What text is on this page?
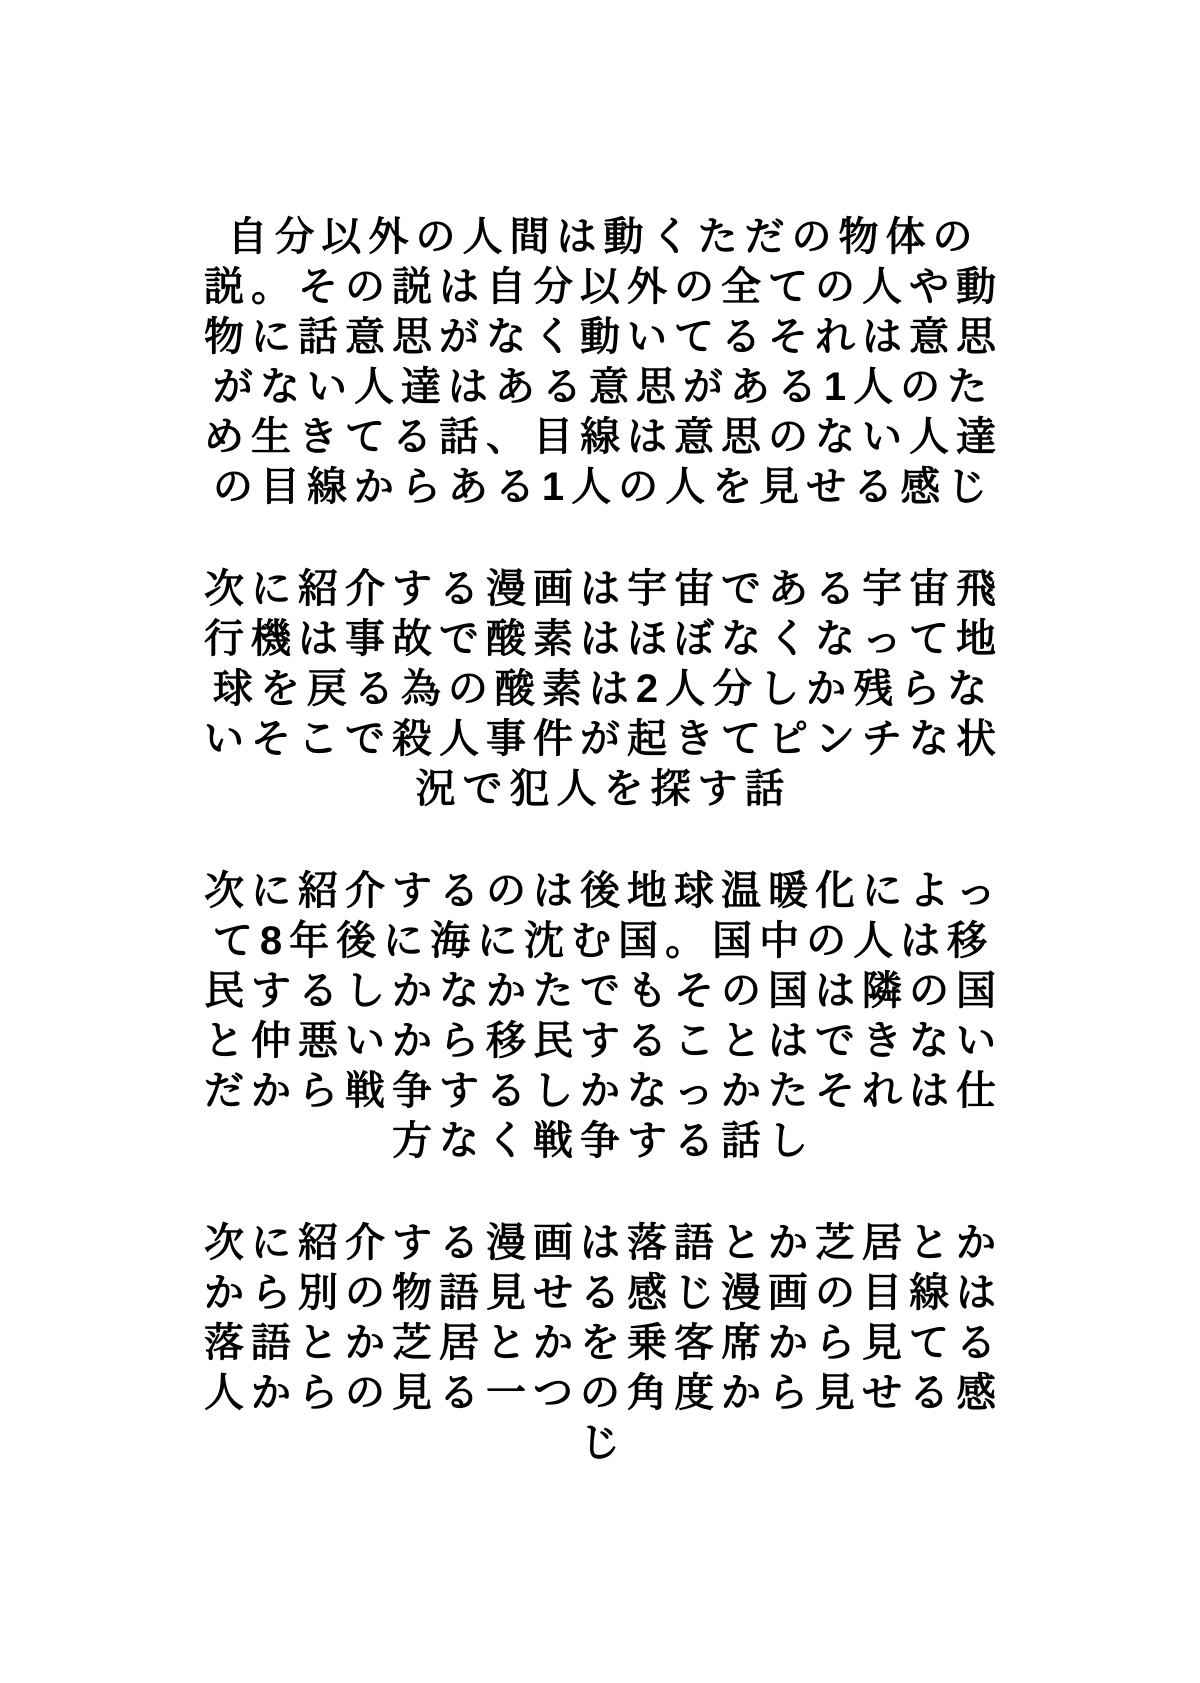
自分以外の人間は動くただの物体の
説。その説は自分以外の全ての人や動
物に話意思がなく動いてるそれは意思
がない人達はある意思がある1人のた
め生きてる話、目線は意思のない人達
の目線からある1人の人を見せる感じ
次に紹介する漫画は宇宙である宇宙飛
行機は事故で酸素はほぼなくなって地
球を戻る為の酸素は2人分しか残らな
いそこで殺人事件が起きてピンチな状
況で犯人を探す話
次に紹介するのは後地球温暖化によっ
て8年後に海に沈む国。国中の人は移
民するしかなかたでもその国は隣の国
と仲悪いから移民することはできない
だから戦争するしかなっかたそれは仕
方なく戦争する話し
次に紹介する漫画は落語とか芝居とか
から別の物語見せる感じ漫画の目線は
落語とか芝居とかを乗客席から見てる
人からの見る一つの角度から見せる感
じ
